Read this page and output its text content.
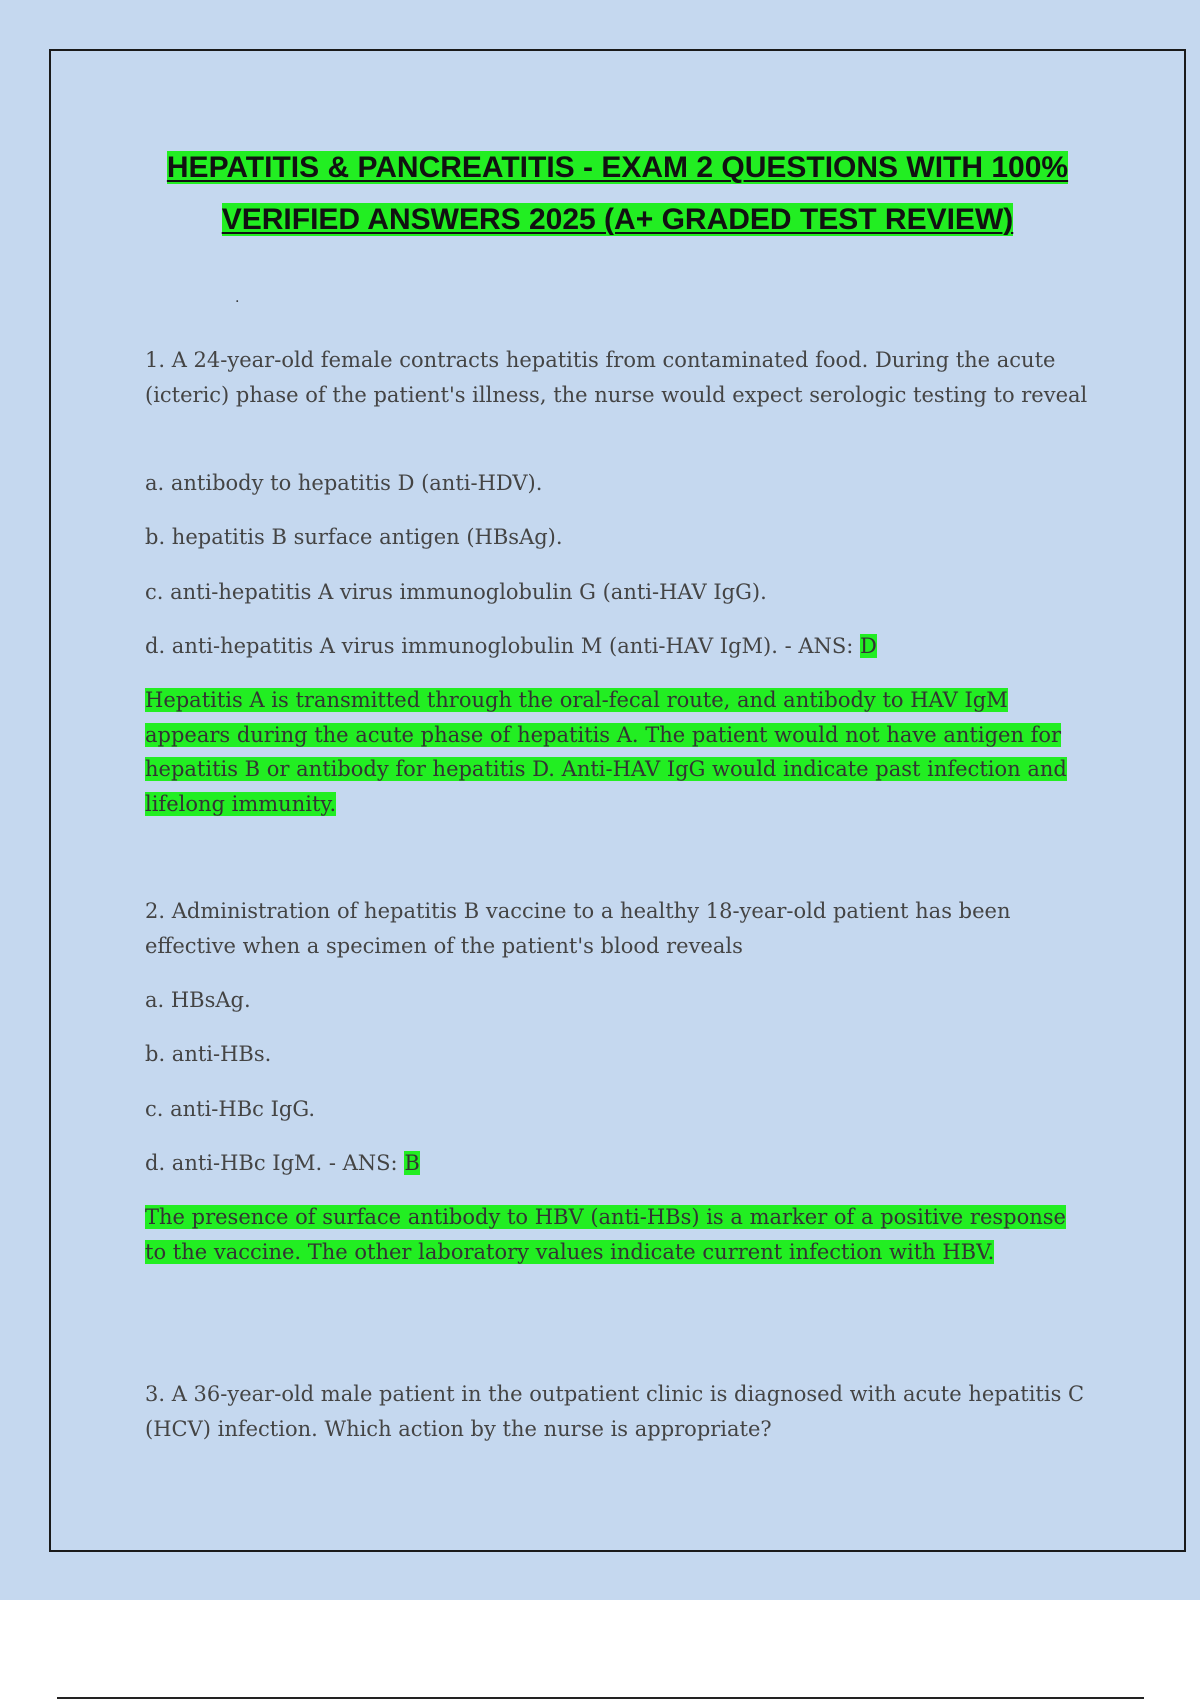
HEPATITIS & PANCREATITIS - EXAM 2 QUESTIONS WITH 100%
VERIFIED ANSWERS 2025 (A+ GRADED TEST REVIEW)
.
1. A 24-year-old female contracts hepatitis from contaminated food. During the acute (icteric) phase of the patient's illness, the nurse would expect serologic testing to reveal
a. antibody to hepatitis D (anti-HDV).
b. hepatitis B surface antigen (HBsAg).
c. anti-hepatitis A virus immunoglobulin G (anti-HAV IgG).
d. anti-hepatitis A virus immunoglobulin M (anti-HAV IgM). - ANS: D
Hepatitis A is transmitted through the oral-fecal route, and antibody to HAV IgM appears during the acute phase of hepatitis A. The patient would not have antigen for hepatitis B or antibody for hepatitis D. Anti-HAV IgG would indicate past infection and lifelong immunity.
2. Administration of hepatitis B vaccine to a healthy 18-year-old patient has been effective when a specimen of the patient's blood reveals
a. HBsAg.
b. anti-HBs.
c. anti-HBc IgG.
d. anti-HBc IgM. - ANS: B
The presence of surface antibody to HBV (anti-HBs) is a marker of a positive response to the vaccine. The other laboratory values indicate current infection with HBV.
3. A 36-year-old male patient in the outpatient clinic is diagnosed with acute hepatitis C (HCV) infection. Which action by the nurse is appropriate?
